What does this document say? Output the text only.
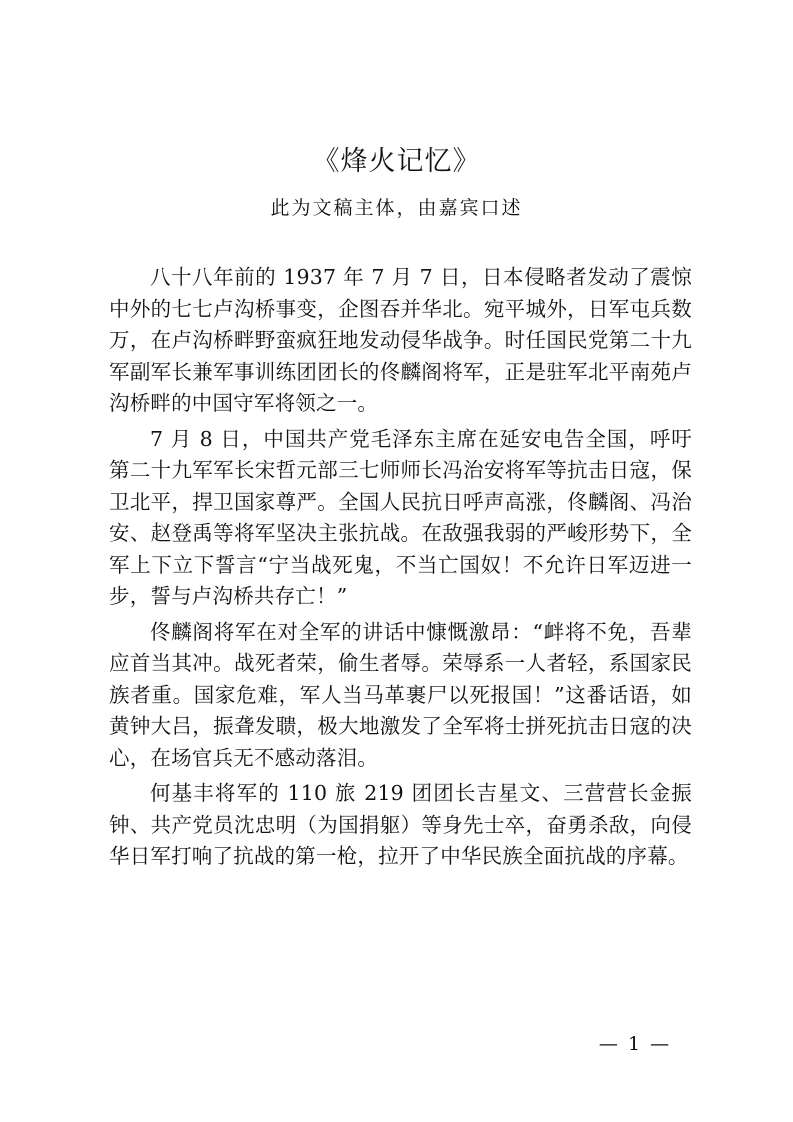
《烽火记忆》
此为文稿主体，由嘉宾口述

八十八年前的 1937 年 7 月 7 日，日本侵略者发动了震惊中外的七七卢沟桥事变，企图吞并华北。宛平城外，日军屯兵数万，在卢沟桥畔野蛮疯狂地发动侵华战争。时任国民党第二十九军副军长兼军事训练团团长的佟麟阁将军，正是驻军北平南苑卢沟桥畔的中国守军将领之一。

7 月 8 日，中国共产党毛泽东主席在延安电告全国，呼吁第二十九军军长宋哲元部三七师师长冯治安将军等抗击日寇，保卫北平，捍卫国家尊严。全国人民抗日呼声高涨，佟麟阁、冯治安、赵登禹等将军坚决主张抗战。在敌强我弱的严峻形势下，全军上下立下誓言“宁当战死鬼，不当亡国奴！不允许日军迈进一步，誓与卢沟桥共存亡！”

佟麟阁将军在对全军的讲话中慷慨激昂：“衅将不免，吾辈应首当其冲。战死者荣，偷生者辱。荣辱系一人者轻，系国家民族者重。国家危难，军人当马革裹尸以死报国！”这番话语，如黄钟大吕，振聋发聩，极大地激发了全军将士拼死抗击日寇的决心，在场官兵无不感动落泪。

何基丰将军的 110 旅 219 团团长吉星文、三营营长金振钟、共产党员沈忠明（为国捐躯）等身先士卒，奋勇杀敌，向侵华日军打响了抗战的第一枪，拉开了中华民族全面抗战的序幕。

— 1 —
